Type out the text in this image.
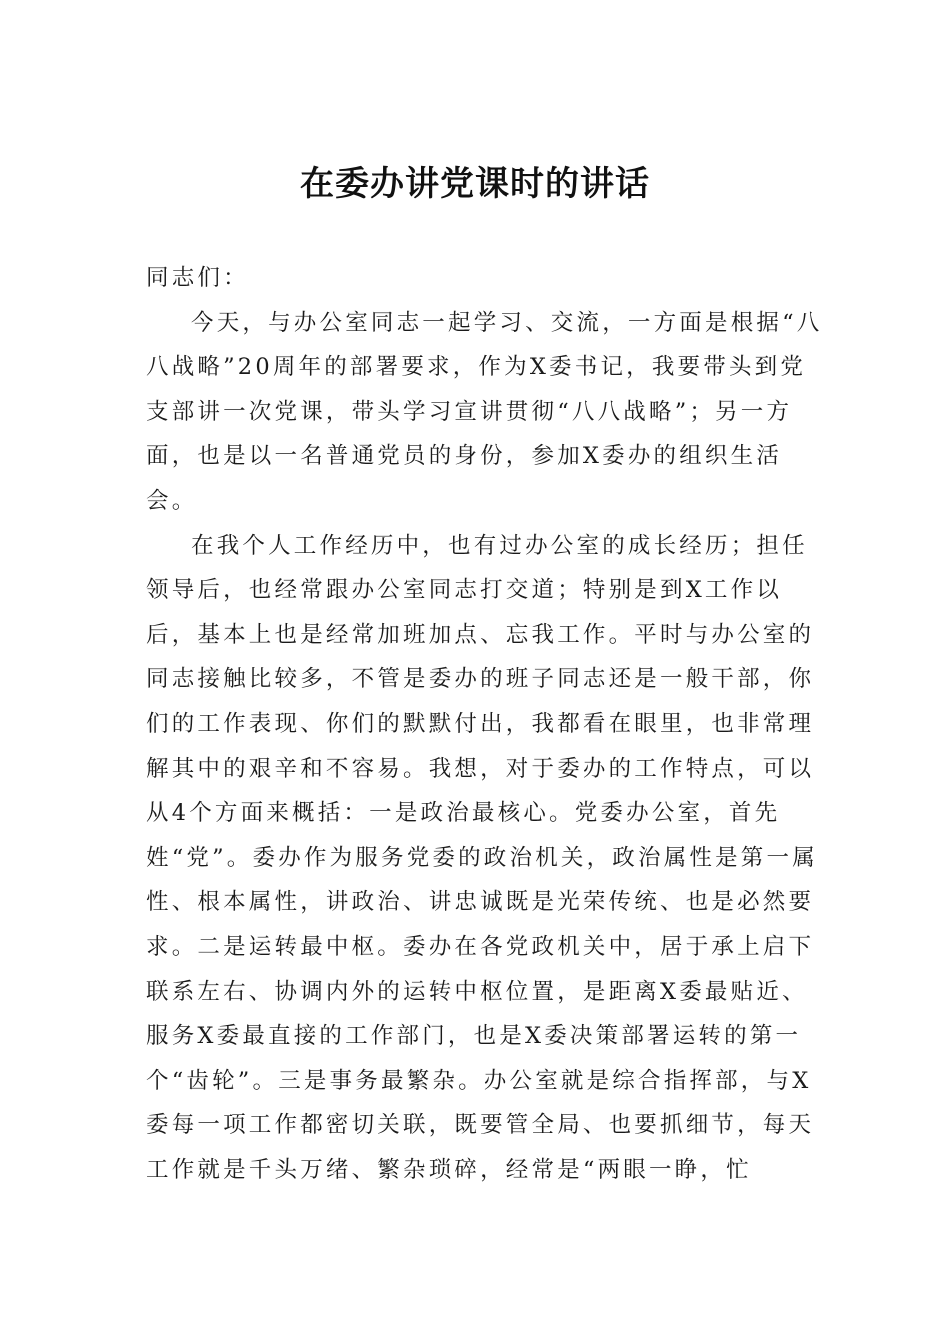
在委办讲党课时的讲话

同志们：

今天，与办公室同志一起学习、交流，一方面是根据“八八战略”20周年的部署要求，作为X委书记，我要带头到党支部讲一次党课，带头学习宣讲贯彻“八八战略”；另一方面，也是以一名普通党员的身份，参加X委办的组织生活会。

在我个人工作经历中，也有过办公室的成长经历；担任领导后，也经常跟办公室同志打交道；特别是到X工作以后，基本上也是经常加班加点、忘我工作。平时与办公室的同志接触比较多，不管是委办的班子同志还是一般干部，你们的工作表现、你们的默默付出，我都看在眼里，也非常理解其中的艰辛和不容易。我想，对于委办的工作特点，可以从4个方面来概括：一是政治最核心。党委办公室，首先姓“党”。委办作为服务党委的政治机关，政治属性是第一属性、根本属性，讲政治、讲忠诚既是光荣传统、也是必然要求。二是运转最中枢。委办在各党政机关中，居于承上启下联系左右、协调内外的运转中枢位置，是距离X委最贴近、服务X委最直接的工作部门，也是X委决策部署运转的第一个“齿轮”。三是事务最繁杂。办公室就是综合指挥部，与X委每一项工作都密切关联，既要管全局、也要抓细节，每天工作就是千头万绪、繁杂琐碎，经常是“两眼一睁，忙
